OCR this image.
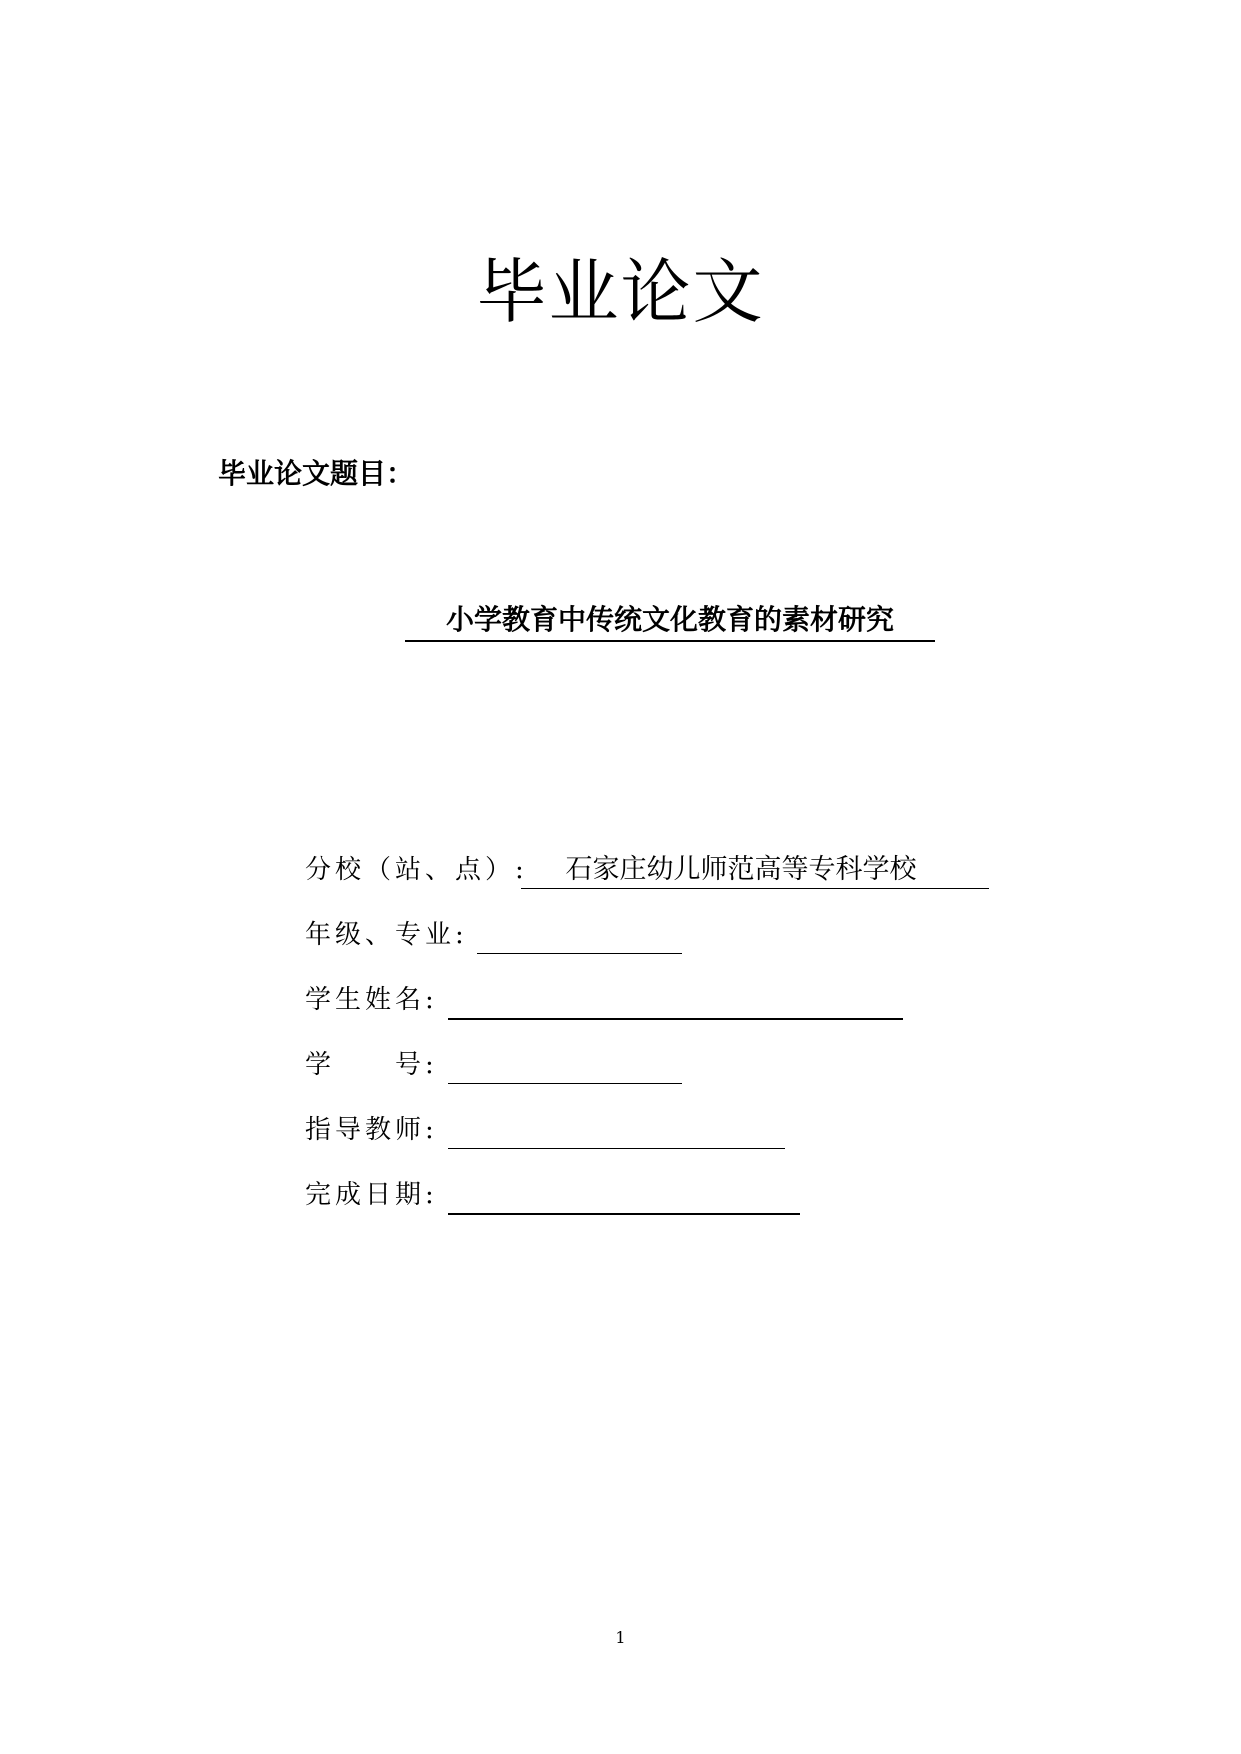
毕业论文
毕业论文题目：
小学教育中传统文化教育的素材研究
分校（站、点）:	石家庄幼儿师范高等专科学校
年级、专业:
学生姓名:
学　　号:
指导教师:
完成日期:
1
